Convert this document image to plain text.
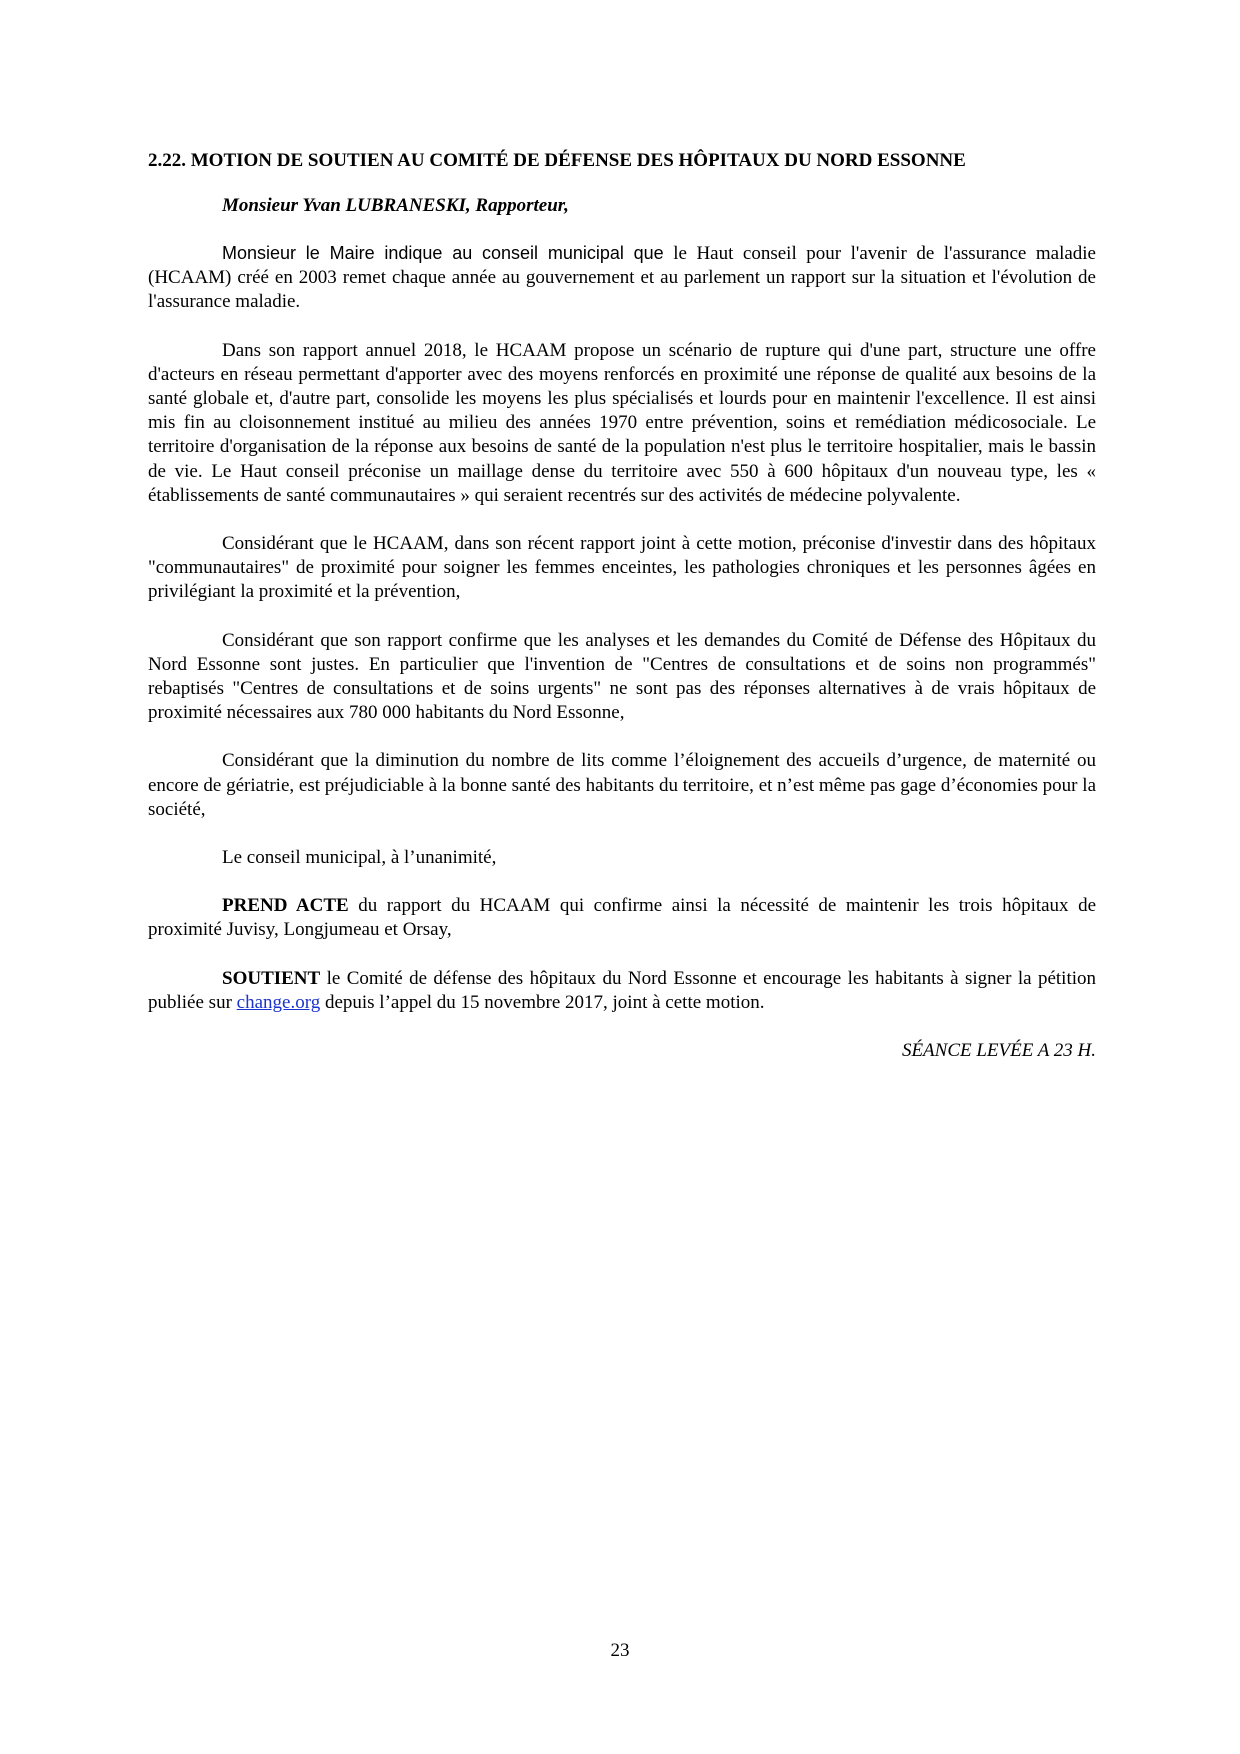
2.22. MOTION DE SOUTIEN AU COMITÉ DE DÉFENSE DES HÔPITAUX DU NORD ESSONNE
Monsieur Yvan LUBRANESKI, Rapporteur,

Monsieur le Maire indique au conseil municipal que le Haut conseil pour l'avenir de l'assurance maladie (HCAAM) créé en 2003 remet chaque année au gouvernement et au parlement un rapport sur la situation et l'évolution de l'assurance maladie.

Dans son rapport annuel 2018, le HCAAM propose un scénario de rupture qui d'une part, structure une offre d'acteurs en réseau permettant d'apporter avec des moyens renforcés en proximité une réponse de qualité aux besoins de la santé globale et, d'autre part, consolide les moyens les plus spécialisés et lourds pour en maintenir l'excellence. Il est ainsi mis fin au cloisonnement institué au milieu des années 1970 entre prévention, soins et remédiation médicosociale. Le territoire d'organisation de la réponse aux besoins de santé de la population n'est plus le territoire hospitalier, mais le bassin de vie. Le Haut conseil préconise un maillage dense du territoire avec 550 à 600 hôpitaux d'un nouveau type, les « établissements de santé communautaires » qui seraient recentrés sur des activités de médecine polyvalente.

Considérant que le HCAAM, dans son récent rapport joint à cette motion, préconise d'investir dans des hôpitaux "communautaires" de proximité pour soigner les femmes enceintes, les pathologies chroniques et les personnes âgées en privilégiant la proximité et la prévention,

Considérant que son rapport confirme que les analyses et les demandes du Comité de Défense des Hôpitaux du Nord Essonne sont justes. En particulier que l'invention de "Centres de consultations et de soins non programmés" rebaptisés "Centres de consultations et de soins urgents" ne sont pas des réponses alternatives à de vrais hôpitaux de proximité nécessaires aux 780 000 habitants du Nord Essonne,

Considérant que la diminution du nombre de lits comme l’éloignement des accueils d’urgence, de maternité ou encore de gériatrie, est préjudiciable à la bonne santé des habitants du territoire, et n’est même pas gage d’économies pour la société,

Le conseil municipal, à l’unanimité,

PREND ACTE du rapport du HCAAM qui confirme ainsi la nécessité de maintenir les trois hôpitaux de proximité Juvisy, Longjumeau et Orsay,

SOUTIENT le Comité de défense des hôpitaux du Nord Essonne et encourage les habitants à signer la pétition publiée sur change.org depuis l’appel du 15 novembre 2017, joint à cette motion.

SÉANCE LEVÉE A 23 H.

23
